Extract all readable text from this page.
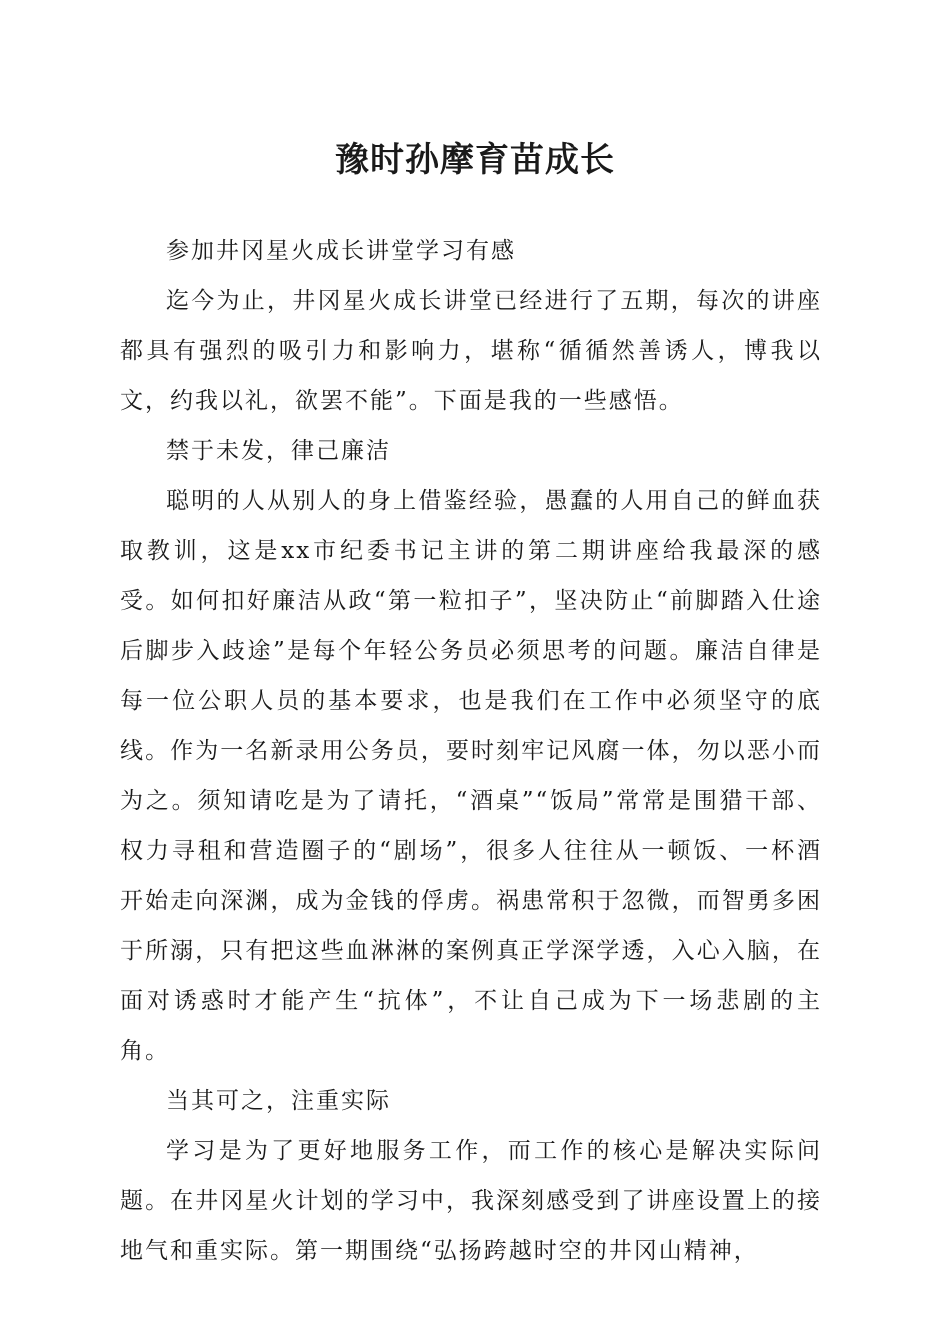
豫时孙摩育苗成长

参加井冈星火成长讲堂学习有感

迄今为止，井冈星火成长讲堂已经进行了五期，每次的讲座都具有强烈的吸引力和影响力，堪称“循循然善诱人，博我以文，约我以礼，欲罢不能”。下面是我的一些感悟。

禁于未发，律己廉洁

聪明的人从别人的身上借鉴经验，愚蠢的人用自己的鲜血获取教训，这是xx市纪委书记主讲的第二期讲座给我最深的感受。如何扣好廉洁从政“第一粒扣子”，坚决防止“前脚踏入仕途后脚步入歧途”是每个年轻公务员必须思考的问题。廉洁自律是每一位公职人员的基本要求，也是我们在工作中必须坚守的底线。作为一名新录用公务员，要时刻牢记风腐一体，勿以恶小而为之。须知请吃是为了请托，“酒桌”“饭局”常常是围猎干部、权力寻租和营造圈子的“剧场”，很多人往往从一顿饭、一杯酒开始走向深渊，成为金钱的俘虏。祸患常积于忽微，而智勇多困于所溺，只有把这些血淋淋的案例真正学深学透，入心入脑，在面对诱惑时才能产生“抗体”，不让自己成为下一场悲剧的主角。

当其可之，注重实际

学习是为了更好地服务工作，而工作的核心是解决实际问题。在井冈星火计划的学习中，我深刻感受到了讲座设置上的接地气和重实际。第一期围绕“弘扬跨越时空的井冈山精神，
